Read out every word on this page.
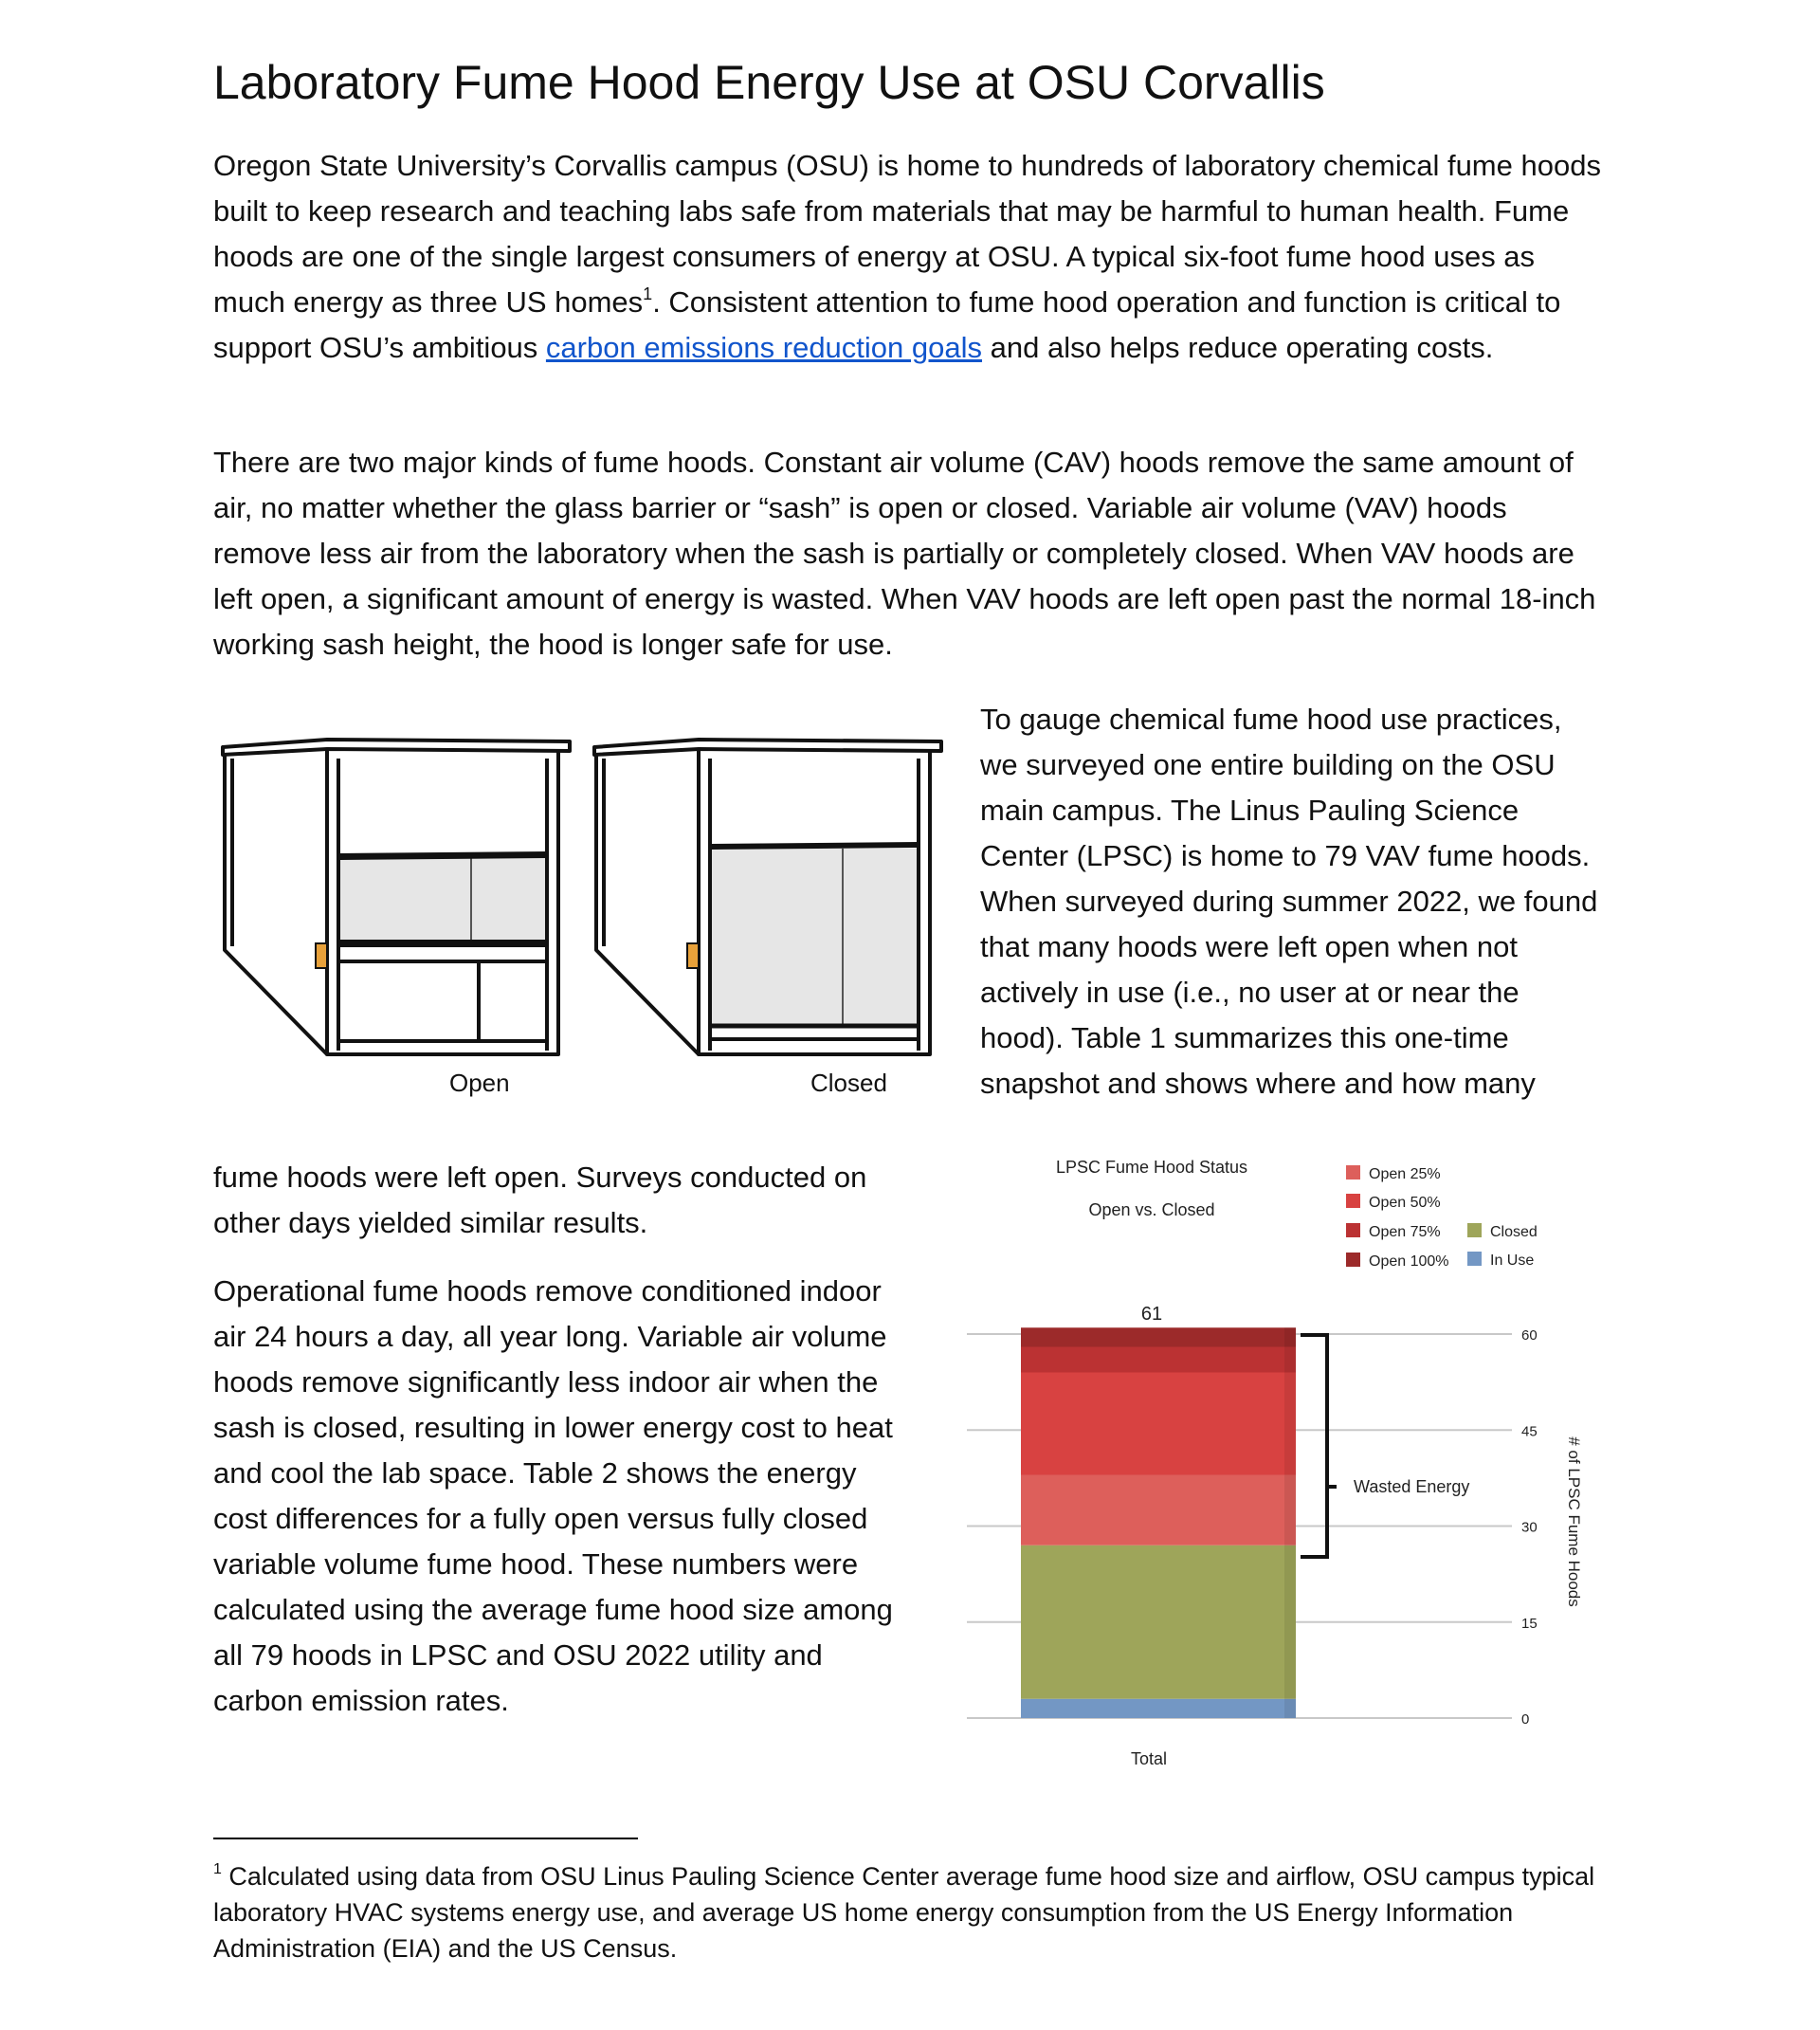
Laboratory Fume Hood Energy Use at OSU Corvallis

Oregon State University’s Corvallis campus (OSU) is home to hundreds of laboratory chemical fume hoods built to keep research and teaching labs safe from materials that may be harmful to human health. Fume hoods are one of the single largest consumers of energy at OSU. A typical six-foot fume hood uses as much energy as three US homes$^1$. Consistent attention to fume hood operation and function is critical to support OSU’s ambitious carbon emissions reduction goals and also helps reduce operating costs.

There are two major kinds of fume hoods. Constant air volume (CAV) hoods remove the same amount of air, no matter whether the glass barrier or “sash” is open or closed. Variable air volume (VAV) hoods remove less air from the laboratory when the sash is partially or completely closed. When VAV hoods are left open, a significant amount of energy is wasted. When VAV hoods are left open past the normal 18-inch working sash height, the hood is longer safe for use.

Open	Closed

To gauge chemical fume hood use practices, we surveyed one entire building on the OSU main campus. The Linus Pauling Science Center (LPSC) is home to 79 VAV fume hoods. When surveyed during summer 2022, we found that many hoods were left open when not actively in use (i.e., no user at or near the hood). Table 1 summarizes this one-time snapshot and shows where and how many

fume hoods were left open. Surveys conducted on other days yielded similar results.

Operational fume hoods remove conditioned indoor air 24 hours a day, all year long. Variable air volume hoods remove significantly less indoor air when the sash is closed, resulting in lower energy cost to heat and cool the lab space. Table 2 shows the energy cost differences for a fully open versus fully closed variable volume fume hood. These numbers were calculated using the average fume hood size among all 79 hoods in LPSC and OSU 2022 utility and carbon emission rates.

LPSC Fume Hood Status
Open vs. Closed
Open 25%
Open 50%
Open 75%
Open 100%
Closed
In Use
0
15
30
45
60
61
Total
Wasted Energy	# of LPSC Fume Hoods

$^1$ Calculated using data from OSU Linus Pauling Science Center average fume hood size and airflow, OSU campus typical laboratory HVAC systems energy use, and average US home energy consumption from the US Energy Information Administration (EIA) and the US Census.
